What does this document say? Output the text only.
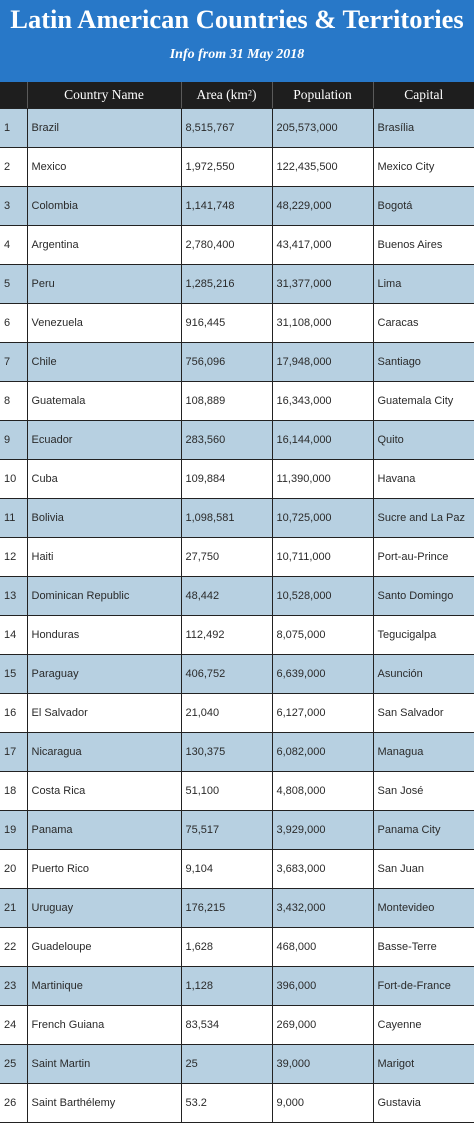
Latin American Countries & Territories
Info from 31 May 2018
	Country Name	Area (km²)	Population	Capital
1	Brazil	8,515,767	205,573,000	Brasília
2	Mexico	1,972,550	122,435,500	Mexico City
3	Colombia	1,141,748	48,229,000	Bogotá
4	Argentina	2,780,400	43,417,000	Buenos Aires
5	Peru	1,285,216	31,377,000	Lima
6	Venezuela	916,445	31,108,000	Caracas
7	Chile	756,096	17,948,000	Santiago
8	Guatemala	108,889	16,343,000	Guatemala City
9	Ecuador	283,560	16,144,000	Quito
10	Cuba	109,884	11,390,000	Havana
11	Bolivia	1,098,581	10,725,000	Sucre and La Paz
12	Haiti	27,750	10,711,000	Port-au-Prince
13	Dominican Republic	48,442	10,528,000	Santo Domingo
14	Honduras	112,492	8,075,000	Tegucigalpa
15	Paraguay	406,752	6,639,000	Asunción
16	El Salvador	21,040	6,127,000	San Salvador
17	Nicaragua	130,375	6,082,000	Managua
18	Costa Rica	51,100	4,808,000	San José
19	Panama	75,517	3,929,000	Panama City
20	Puerto Rico	9,104	3,683,000	San Juan
21	Uruguay	176,215	3,432,000	Montevideo
22	Guadeloupe	1,628	468,000	Basse-Terre
23	Martinique	1,128	396,000	Fort-de-France
24	French Guiana	83,534	269,000	Cayenne
25	Saint Martin	25	39,000	Marigot
26	Saint Barthélemy	53.2	9,000	Gustavia
